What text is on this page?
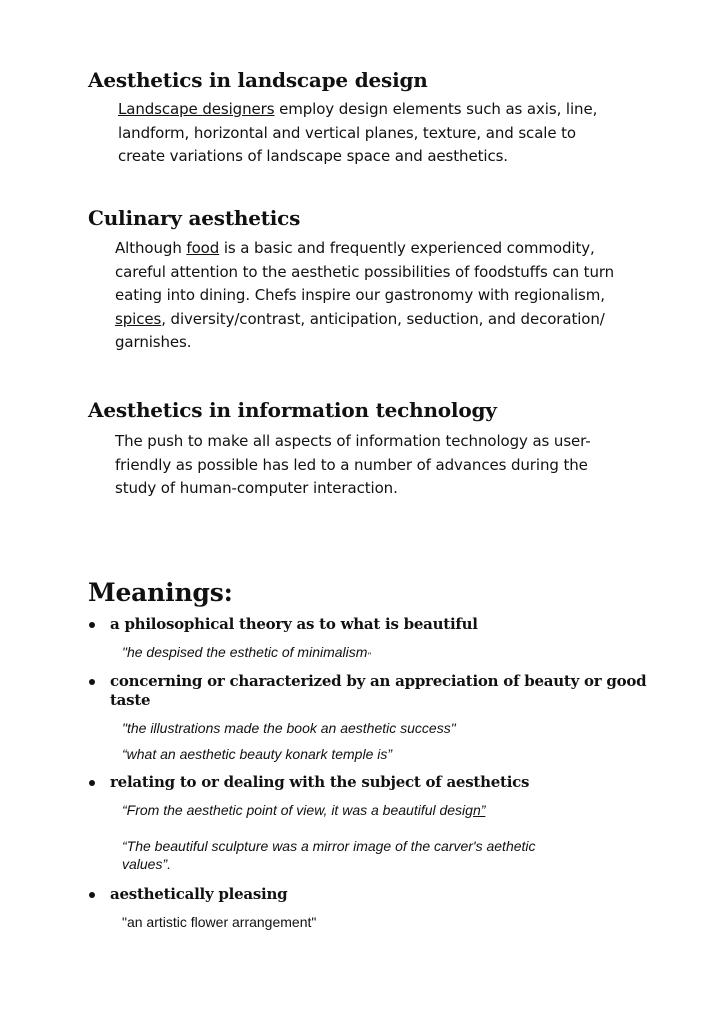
Aesthetics in landscape design
Landscape designers employ design elements such as axis, line,
landform, horizontal and vertical planes, texture, and scale to
create variations of landscape space and aesthetics.
Culinary aesthetics
Although food is a basic and frequently experienced commodity,
careful attention to the aesthetic possibilities of foodstuffs can turn
eating into dining. Chefs inspire our gastronomy with regionalism,
spices, diversity/contrast, anticipation, seduction, and decoration/
garnishes.
Aesthetics in information technology
The push to make all aspects of information technology as user-
friendly as possible has led to a number of advances during the
study of human-computer interaction.
Meanings:
a philosophical theory as to what is beautiful
"he despised the esthetic of minimalism"
concerning or characterized by an appreciation of beauty or good
taste
"the illustrations made the book an aesthetic success"
“what an aesthetic beauty konark temple is”
relating to or dealing with the subject of aesthetics
“From the aesthetic point of view, it was a beautiful design”
“The beautiful sculpture was a mirror image of the carver's aethetic
values”.
aesthetically pleasing
"an artistic flower arrangement"
